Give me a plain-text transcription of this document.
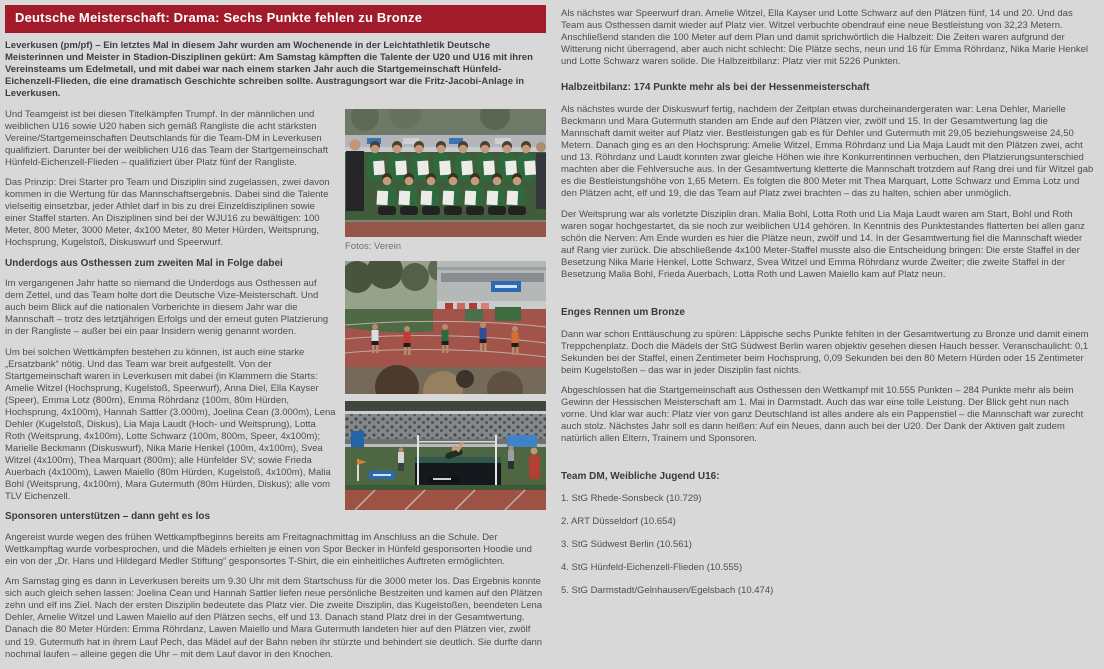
Deutsche Meisterschaft: Drama: Sechs Punkte fehlen zu Bronze

Leverkusen (pm/pf) – Ein letztes Mal in diesem Jahr wurden am Wochenende in der Leichtathletik Deutsche Meisterinnen und Meister in Stadion-Disziplinen gekürt: Am Samstag kämpften die Talente der U20 und U16 mit ihren Vereinsteams um Edelmetall, und mit dabei war nach einem starken Jahr auch die Startgemeinschaft Hünfeld-Eichenzell-Flieden, die eine dramatisch Geschichte schreiben sollte. Austragungsort war die Fritz-Jacobi-Anlage in Leverkusen.

Und Teamgeist ist bei diesen Titelkämpfen Trumpf. In der männlichen und weiblichen U16 sowie U20 haben sich gemäß Rangliste die acht stärksten Vereine/Startgemeinschaften Deutschlands für die Team-DM in Leverkusen qualifiziert. Darunter bei der weiblichen U16 das Team der Startgemeinschaft Hünfeld-Eichenzell-Flieden – qualifiziert über Platz fünf der Rangliste.

Das Prinzip: Drei Starter pro Team und Disziplin sind zugelassen, zwei davon kommen in die Wertung für das Mannschaftsergebnis. Dabei sind die Talente vielseitig einsetzbar, jeder Athlet darf in bis zu drei Einzeldisziplinen sowie einer Staffel starten. An Disziplinen sind bei der WJU16 zu bewältigen: 100 Meter, 800 Meter, 3000 Meter, 4x100 Meter, 80 Meter Hürden, Weitsprung, Hochsprung, Kugelstoß, Diskuswurf und Speerwurf.

Underdogs aus Osthessen zum zweiten Mal in Folge dabei

Im vergangenen Jahr hatte so niemand die Underdogs aus Osthessen auf dem Zettel, und das Team holte dort die Deutsche Vize-Meisterschaft. Und auch beim Blick auf die nationalen Vorberichte in diesem Jahr war die Mannschaft – trotz des letztjährigen Erfolgs und der erneut guten Platzierung in der Rangliste – außer bei ein paar Insidern wenig genannt worden.

Um bei solchen Wettkämpfen bestehen zu können, ist auch eine starke „Ersatzbank“ nötig. Und das Team war breit aufgestellt. Von der Startgemeinschaft waren in Leverkusen mit dabei (in Klammern die Starts: Amelie Witzel (Hochsprung, Kugelstoß, Speerwurf), Anna Diel, Ella Kayser (Speer), Emma Lotz (800m), Emma Röhrdanz (100m, 80m Hürden, Hochsprung, 4x100m), Hannah Sattler (3.000m), Joelina Cean (3.000m), Lena Dehler (Kugelstoß, Diskus), Lia Maja Laudt (Hoch- und Weitsprung), Lotta Roth (Weitsprung, 4x100m), Lotte Schwarz (100m, 800m, Speer, 4x100m); Marielle Beckmann (Diskuswurf), Nika Marie Henkel (100m, 4x100m), Svea Witzel (4x100m), Thea Marquart (800m); alle Hünfelder SV; sowie Frieda Auerbach (4x100m), Lawen Maiello (80m Hürden, Kugelstoß, 4x100m), Malia Bohl (Weitsprung, 4x100m), Mara Gutermuth (80m Hürden, Diskus); alle vom TLV Eichenzell.

Sponsoren unterstützen – dann geht es los
Fotos: Verein

Angereist wurde wegen des frühen Wettkampfbeginns bereits am Freitagnachmittag im Anschluss an die Schule. Der Wettkampftag wurde vorbesprochen, und die Mädels erhielten je einen von Spor Becker in Hünfeld gesponsorten Hoodie und ein von der „Dr. Hans und Hildegard Medler Stiftung“ gesponsortes T-Shirt, die ein einheitliches Auftreten ermöglichten.

Am Samstag ging es dann in Leverkusen bereits um 9.30 Uhr mit dem Startschuss für die 3000 meter los. Das Ergebnis konnte sich auch gleich sehen lassen: Joelina Cean und Hannah Sattler liefen neue persönliche Bestzeiten und kamen auf den Plätzen zehn und elf ins Ziel. Nach der ersten Disziplin bedeutete das Platz vier. Die zweite Disziplin, das Kugelstoßen, beendeten Lena Dehler, Amelie Witzel und Lawen Maiello auf den Plätzen sechs, elf und 13. Danach stand Platz drei in der Gesamtwertung. Danach die 80 Meter Hürden: Emma Röhrdanz, Lawen Maiello und Mara Gutermuth landeten hier auf den Plätzen vier, zwölf und 19. Gutermuth hat in ihrem Lauf Pech, das Mädel auf der Bahn neben ihr stürzte und behindert sie deutlich. Sie durfte dann nochmal laufen – alleine gegen die Uhr – mit dem Lauf davor in den Knochen.

Als nächstes war Speerwurf dran. Amelie Witzel, Ella Kayser und Lotte Schwarz auf den Plätzen fünf, 14 und 20. Und das Team aus Osthessen damit wieder auf Platz vier. Witzel verbuchte obendrauf eine neue Bestleistung von 32,23 Metern. Anschließend standen die 100 Meter auf dem Plan und damit sprichwörtlich die Halbzeit: Die Zeiten waren aufgrund der Witterung nicht überragend, aber auch nicht schlecht: Die Plätze sechs, neun und 16 für Emma Röhrdanz, Nika Marie Henkel und Lotte Schwarz waren solide. Die Halbzeitbilanz: Platz vier mit 5226 Punkten.

Halbzeitbilanz: 174 Punkte mehr als bei der Hessenmeisterschaft

Als nächstes wurde der Diskuswurf fertig, nachdem der Zeitplan etwas durcheinandergeraten war: Lena Dehler, Marielle Beckmann und Mara Gutermuth standen am Ende auf den Plätzen vier, zwölf und 15. In der Gesamtwertung lag die Mannschaft damit weiter auf Platz vier. Bestleistungen gab es für Dehler und Gutermuth mit 29,05 beziehungsweise 24,50 Metern. Danach ging es an den Hochsprung: Amelie Witzel, Emma Röhrdanz und Lia Maja Laudt mit den Plätzen zwei, acht und 13. Röhrdanz und Laudt konnten zwar gleiche Höhen wie ihre Konkurrentinnen verbuchen, den Platzierungsunterschied machten aber die Fehlversuche aus. In der Gesamtwertung kletterte die Mannschaft trotzdem auf Rang drei und für Witzel gab es die Bestleistungshöhe von 1,65 Metern. Es folgten die 800 Meter mit Thea Marquart, Lotte Schwarz und Emma Lotz und den Plätzen acht, elf und 19, die das Team auf Platz zwei brachten – das zu halten, schien aber unmöglich.

Der Weitsprung war als vorletzte Disziplin dran. Malia Bohl, Lotta Roth und Lia Maja Laudt waren am Start, Bohl und Roth waren sogar hochgestartet, da sie noch zur weiblichen U14 gehören. In Kenntnis des Punktestandes flatterten bei allen ganz schön die Nerven: Am Ende wurden es hier die Plätze neun, zwölf und 14. In der Gesamtwertung fiel die Mannschaft wieder auf Rang vier zurück. Die abschließende 4x100 Meter-Staffel musste also die Entscheidung bringen: Die erste Staffel in der Besetzung Nika Marie Henkel, Lotte Schwarz, Svea Witzel und Emma Röhrdanz wurde Zweiter; die zweite Staffel in der Besetzung Malia Bohl, Frieda Auerbach, Lotta Roth und Lawen Maiello kam auf Platz neun.

Enges Rennen um Bronze

Dann war schon Enttäuschung zu spüren: Läppische sechs Punkte fehlten in der Gesamtwertung zu Bronze und damit einem Treppchenplatz. Doch die Mädels der StG Südwest Berlin waren objektiv gesehen diesen Hauch besser. Veranschaulicht: 0,1 Sekunden bei der Staffel, einen Zentimeter beim Hochsprung, 0,09 Sekunden bei den 80 Metern Hürden oder 15 Zentimeter beim Kugelstoßen – das war in jeder Disziplin fast nichts.

Abgeschlossen hat die Startgemeinschaft aus Osthessen den Wettkampf mit 10.555 Punkten – 284 Punkte mehr als beim Gewinn der Hessischen Meisterschaft am 1. Mai in Darmstadt. Auch das war eine tolle Leistung. Der Blick geht nun nach vorne. Und klar war auch: Platz vier von ganz Deutschland ist alles andere als ein Pappenstiel – die Mannschaft war zurecht auch stolz. Nächstes Jahr soll es dann heißen: Auf ein Neues, dann auch bei der U20. Der Dank der Aktiven galt zudem natürlich allen Eltern, Trainern und Sponsoren.

Team DM, Weibliche Jugend U16:

1. StG Rhede-Sonsbeck (10.729)

2. ART Düsseldorf (10.654)

3. StG Südwest Berlin (10.561)

4. StG Hünfeld-Eichenzell-Flieden (10.555)

5. StG Darmstadt/Gelnhausen/Egelsbach (10.474)
